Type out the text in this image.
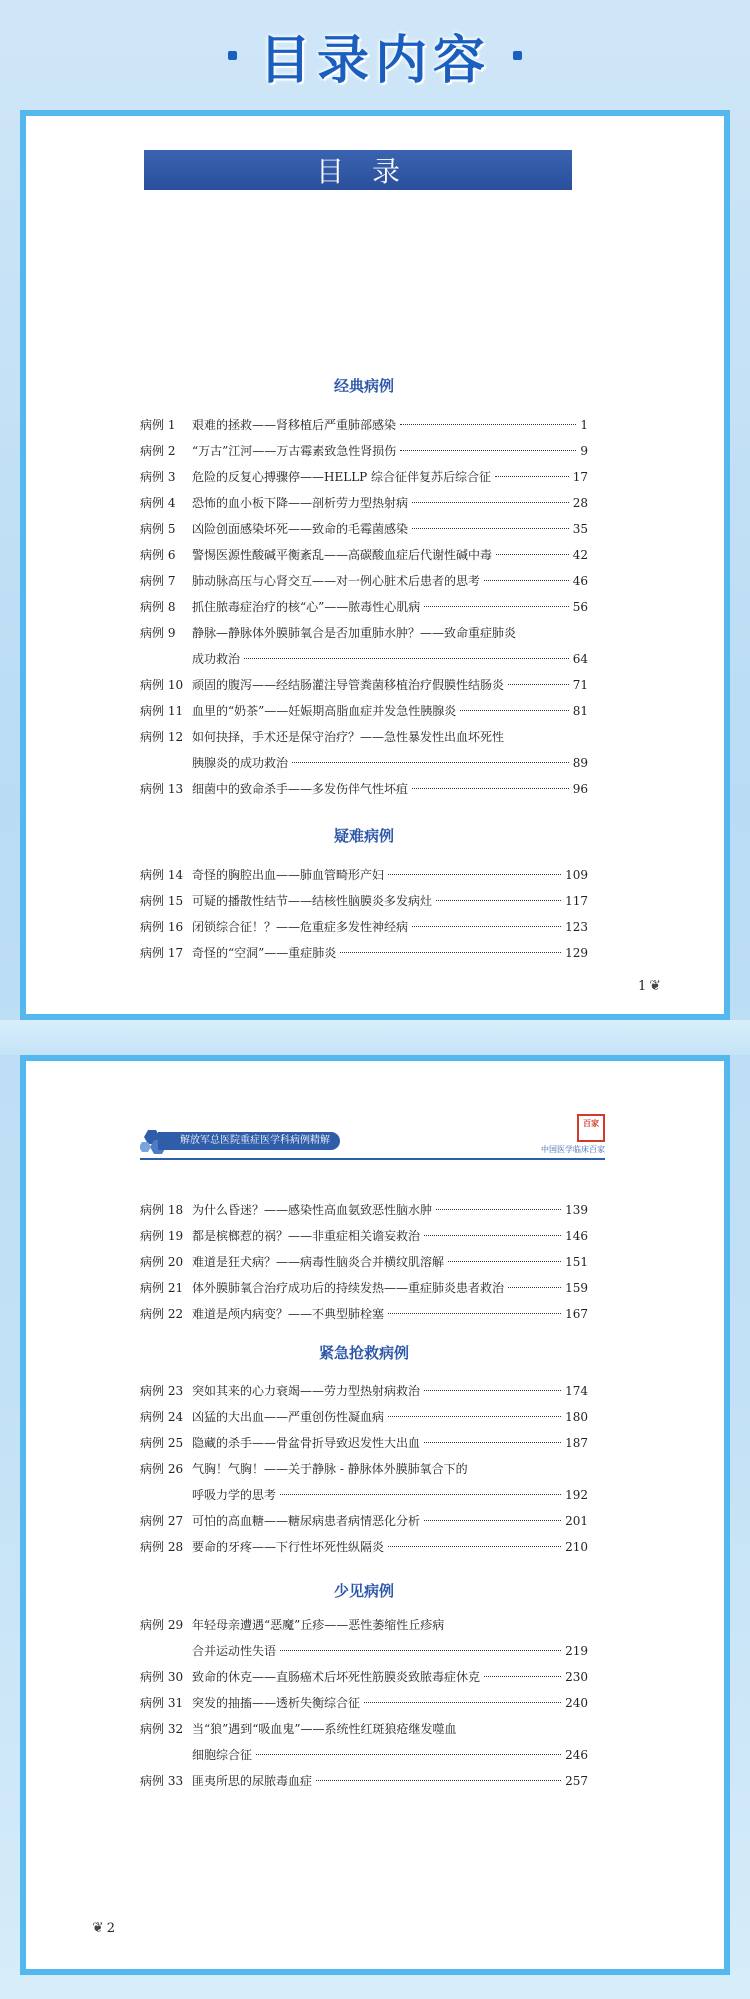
目录内容
目录
经典病例
病例 1	艰难的拯救——肾移植后严重肺部感染	1
病例 2	“万古”江河——万古霉素致急性肾损伤	9
病例 3	危险的反复心搏骤停——HELLP 综合征伴复苏后综合征	17
病例 4	恐怖的血小板下降——剖析劳力型热射病	28
病例 5	凶险创面感染坏死——致命的毛霉菌感染	35
病例 6	警惕医源性酸碱平衡紊乱——高碳酸血症后代谢性碱中毒	42
病例 7	肺动脉高压与心肾交互——对一例心脏术后患者的思考	46
病例 8	抓住脓毒症治疗的核“心”——脓毒性心肌病	56
病例 9	静脉—静脉体外膜肺氧合是否加重肺水肿？——致命重症肺炎
成功救治	64
病例 10 顽固的腹泻——经结肠灌注导管粪菌移植治疗假膜性结肠炎	71
病例 11 血里的“奶茶”——妊娠期高脂血症并发急性胰腺炎	81
病例 12 如何抉择，手术还是保守治疗？——急性暴发性出血坏死性
胰腺炎的成功救治	89
病例 13 细菌中的致命杀手——多发伤伴气性坏疽	96
疑难病例
病例 14 奇怪的胸腔出血——肺血管畸形产妇	109
病例 15 可疑的播散性结节——结核性脑膜炎多发病灶	117
病例 16 闭锁综合征！？——危重症多发性神经病	123
病例 17 奇怪的“空洞”——重症肺炎	129
1 ❦
解放军总医院重症医学科病例精解
百家
中国医学临床百家
病例 18 为什么昏迷？——感染性高血氨致恶性脑水肿	139
病例 19 都是槟榔惹的祸？——非重症相关谵妄救治	146
病例 20 难道是狂犬病？——病毒性脑炎合并横纹肌溶解	151
病例 21 体外膜肺氧合治疗成功后的持续发热——重症肺炎患者救治	159
病例 22 难道是颅内病变？——不典型肺栓塞	167
紧急抢救病例
病例 23 突如其来的心力衰竭——劳力型热射病救治	174
病例 24 凶猛的大出血——严重创伤性凝血病	180
病例 25 隐藏的杀手——骨盆骨折导致迟发性大出血	187
病例 26 气胸！气胸！——关于静脉 - 静脉体外膜肺氧合下的
呼吸力学的思考	192
病例 27 可怕的高血糖——糖尿病患者病情恶化分析	201
病例 28 要命的牙疼——下行性坏死性纵隔炎	210
少见病例
病例 29 年轻母亲遭遇“恶魔”丘疹——恶性萎缩性丘疹病
合并运动性失语	219
病例 30 致命的休克——直肠癌术后坏死性筋膜炎致脓毒症休克	230
病例 31 突发的抽搐——透析失衡综合征	240
病例 32 当“狼”遇到“吸血鬼”——系统性红斑狼疮继发噬血
细胞综合征	246
病例 33 匪夷所思的尿脓毒血症	257
❦ 2
